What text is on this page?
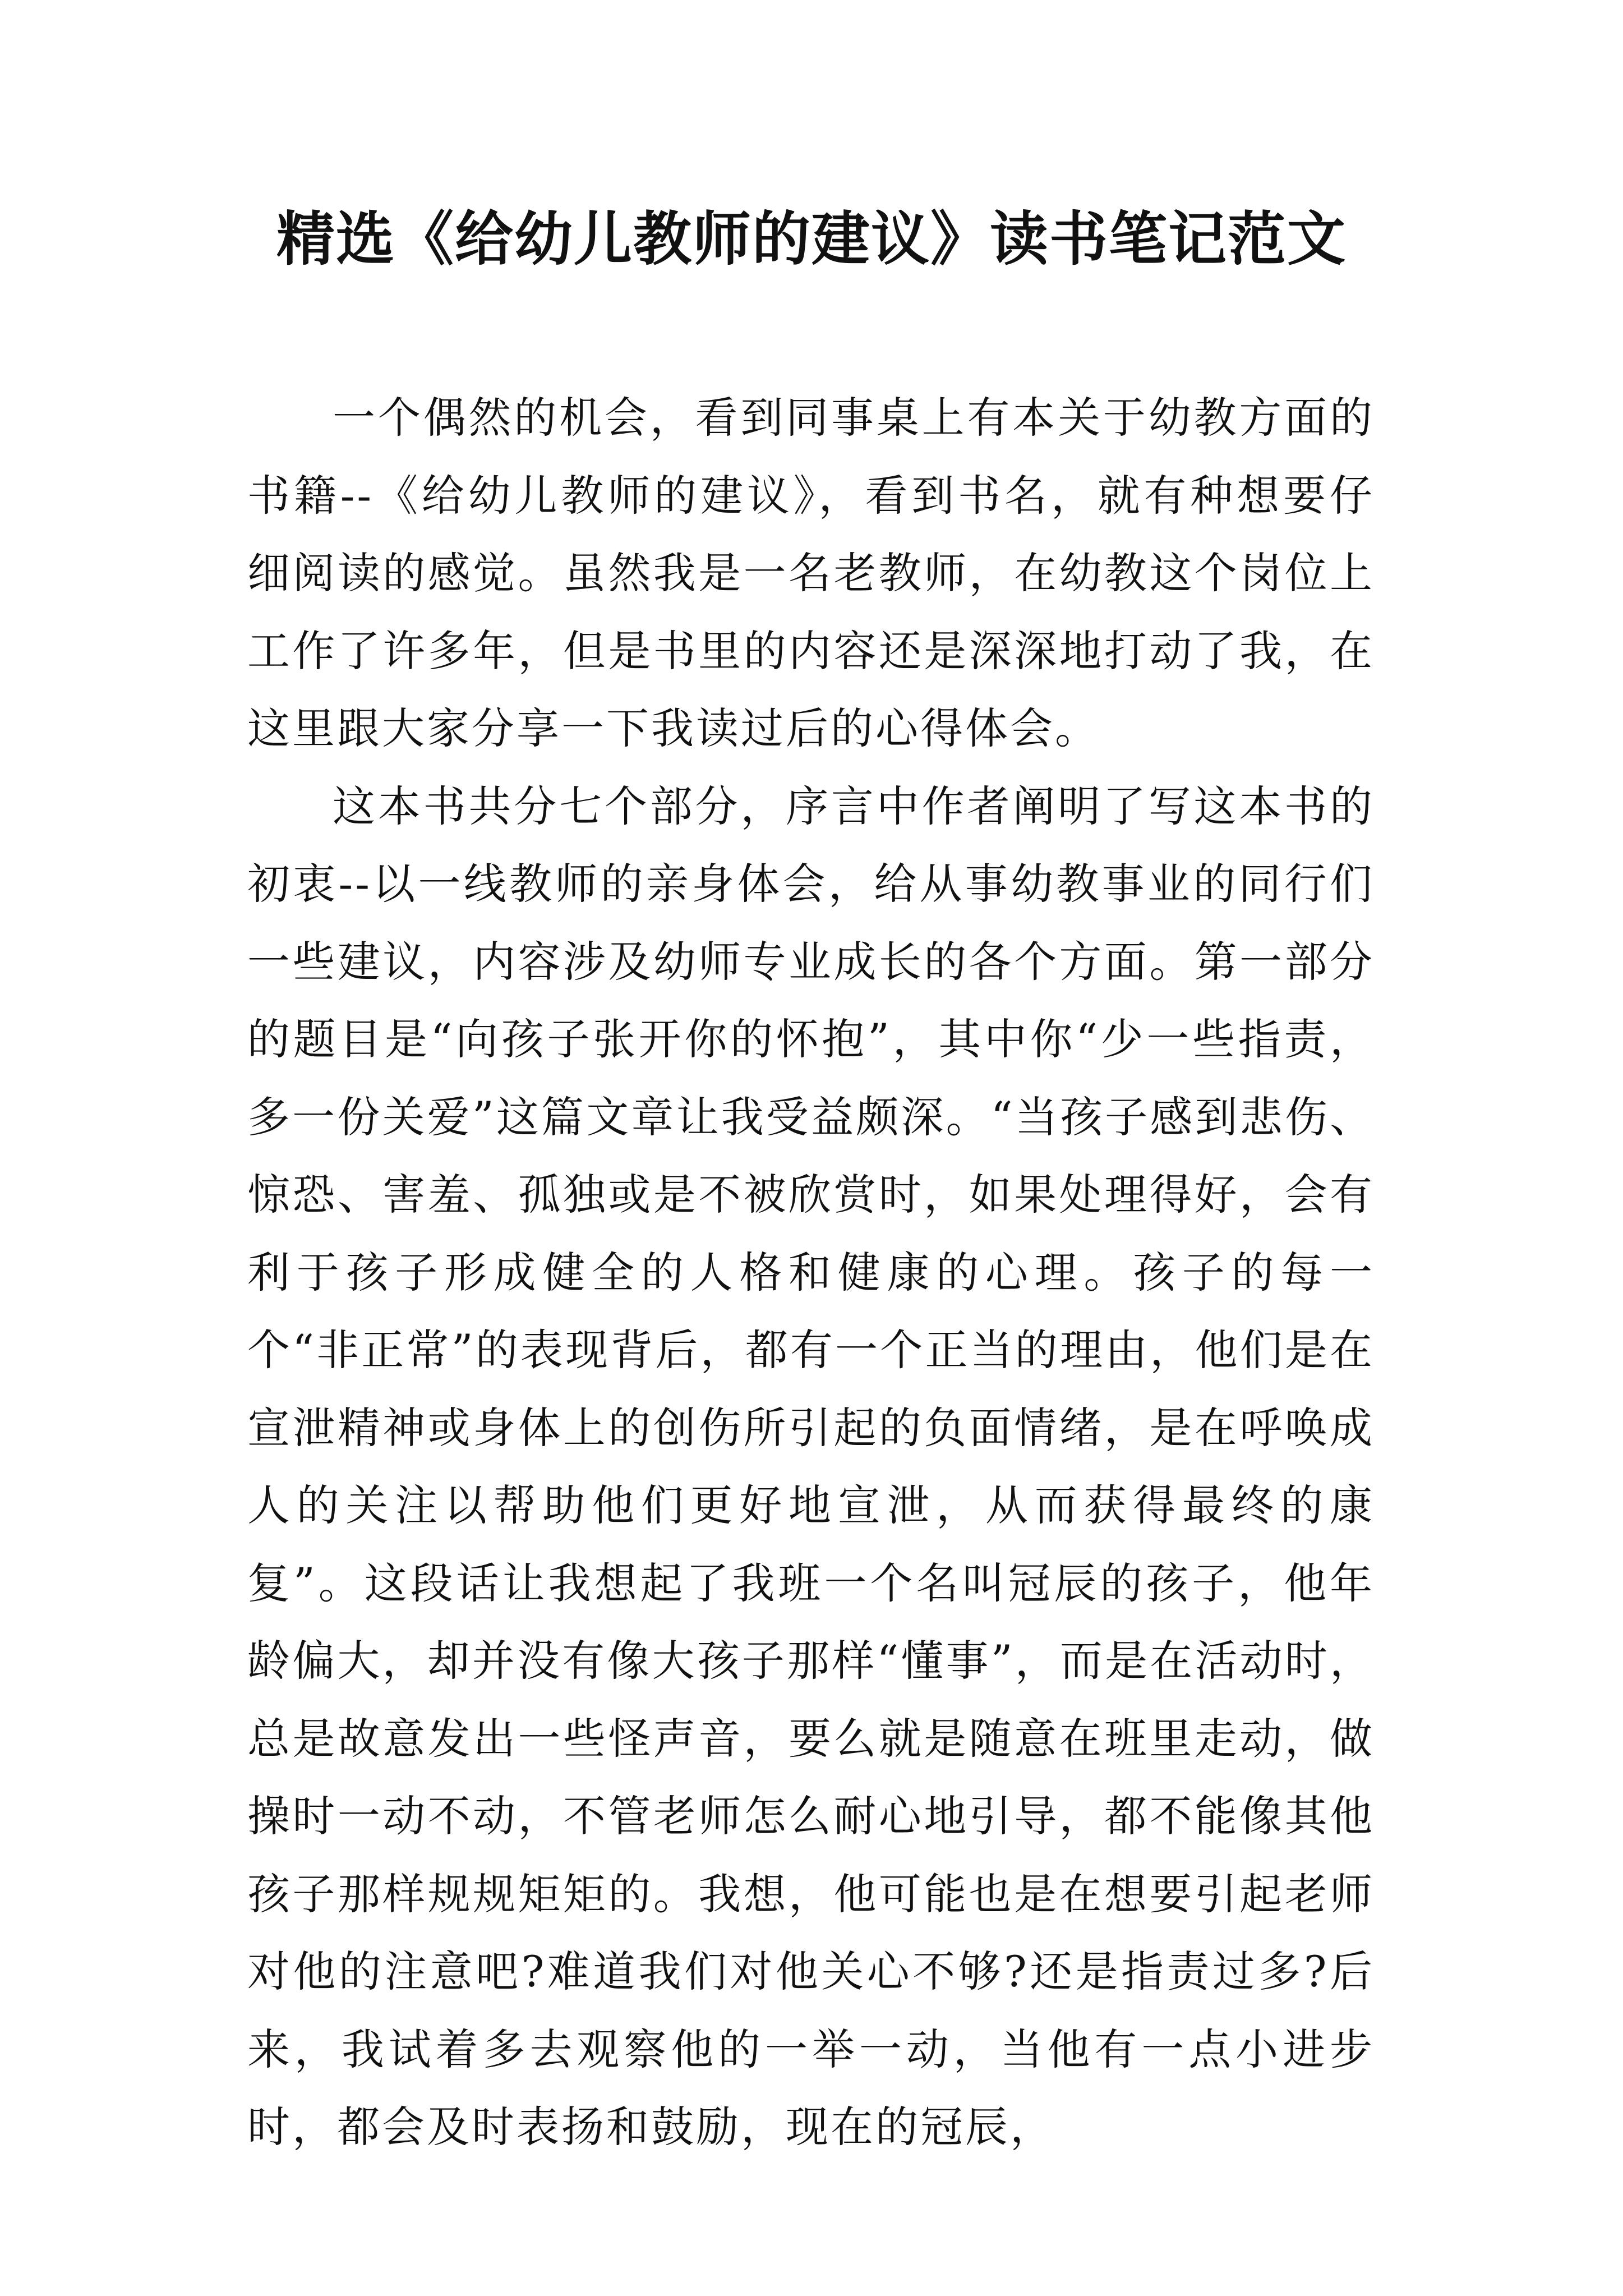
精选《给幼儿教师的建议》读书笔记范文

一个偶然的机会，看到同事桌上有本关于幼教方面的书籍--《给幼儿教师的建议》，看到书名，就有种想要仔细阅读的感觉。虽然我是一名老教师，在幼教这个岗位上工作了许多年，但是书里的内容还是深深地打动了我，在这里跟大家分享一下我读过后的心得体会。

这本书共分七个部分，序言中作者阐明了写这本书的初衷--以一线教师的亲身体会，给从事幼教事业的同行们一些建议，内容涉及幼师专业成长的各个方面。第一部分的题目是“向孩子张开你的怀抱”，其中你“少一些指责，多一份关爱”这篇文章让我受益颇深。“当孩子感到悲伤、惊恐、害羞、孤独或是不被欣赏时，如果处理得好，会有利于孩子形成健全的人格和健康的心理。孩子的每一个“非正常”的表现背后，都有一个正当的理由，他们是在宣泄精神或身体上的创伤所引起的负面情绪，是在呼唤成人的关注以帮助他们更好地宣泄，从而获得最终的康复”。这段话让我想起了我班一个名叫冠辰的孩子，他年龄偏大，却并没有像大孩子那样“懂事”，而是在活动时，总是故意发出一些怪声音，要么就是随意在班里走动，做操时一动不动，不管老师怎么耐心地引导，都不能像其他孩子那样规规矩矩的。我想，他可能也是在想要引起老师对他的注意吧?难道我们对他关心不够?还是指责过多?后来，我试着多去观察他的一举一动，当他有一点小进步时，都会及时表扬和鼓励，现在的冠辰，
